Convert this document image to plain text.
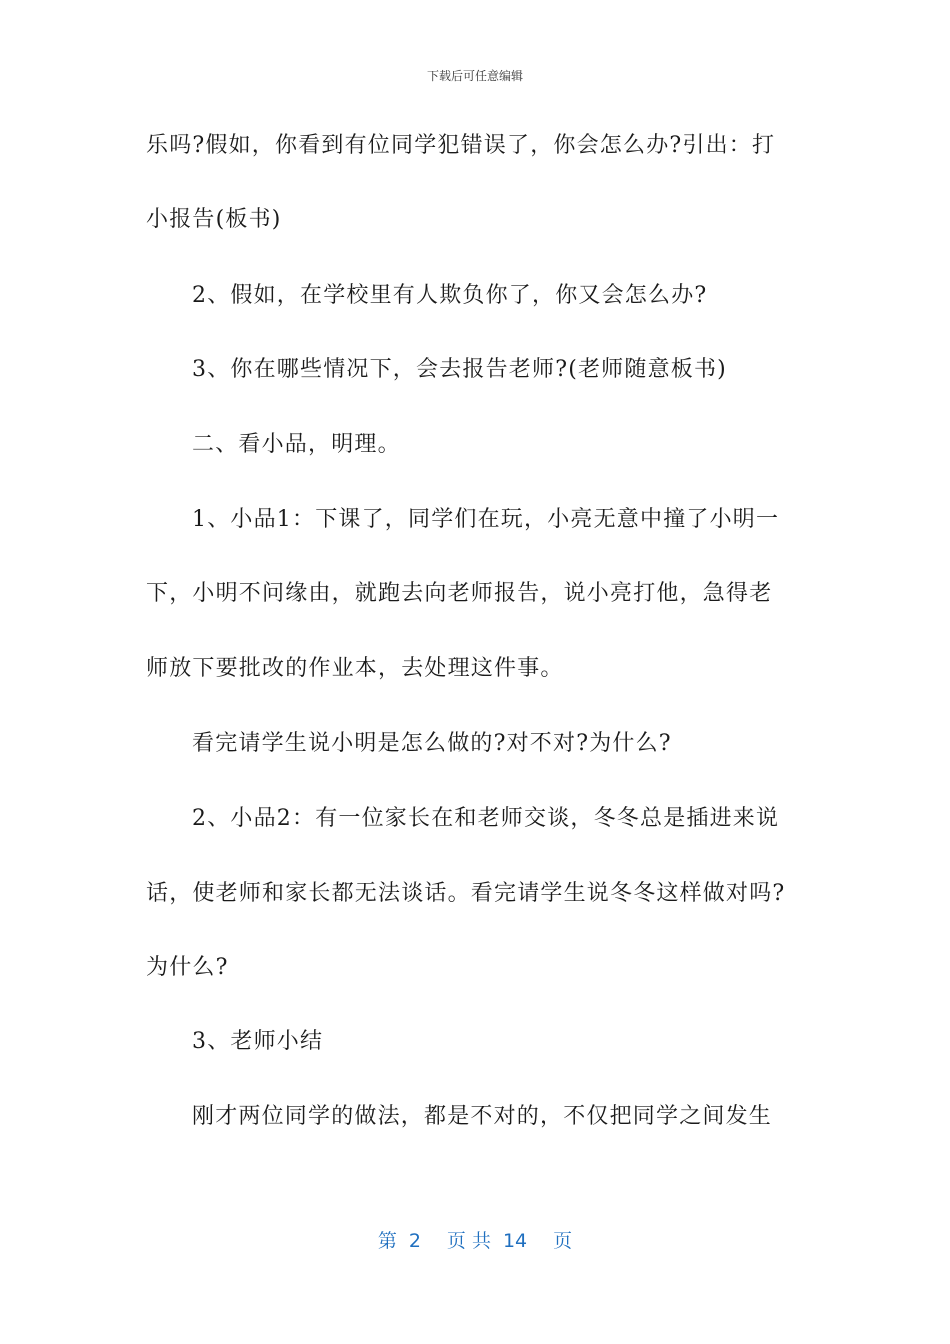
下载后可任意编辑
乐吗?假如，你看到有位同学犯错误了，你会怎么办?引出：打
小报告(板书)
2、假如，在学校里有人欺负你了，你又会怎么办?
3、你在哪些情况下，会去报告老师?(老师随意板书)
二、看小品，明理。
1、小品1：下课了，同学们在玩，小亮无意中撞了小明一
下，小明不问缘由，就跑去向老师报告，说小亮打他，急得老
师放下要批改的作业本，去处理这件事。
看完请学生说小明是怎么做的?对不对?为什么?
2、小品2：有一位家长在和老师交谈，冬冬总是插进来说
话，使老师和家长都无法谈话。看完请学生说冬冬这样做对吗?
为什么?
3、老师小结
刚才两位同学的做法，都是不对的，不仅把同学之间发生
第 2 页 共 14 页
